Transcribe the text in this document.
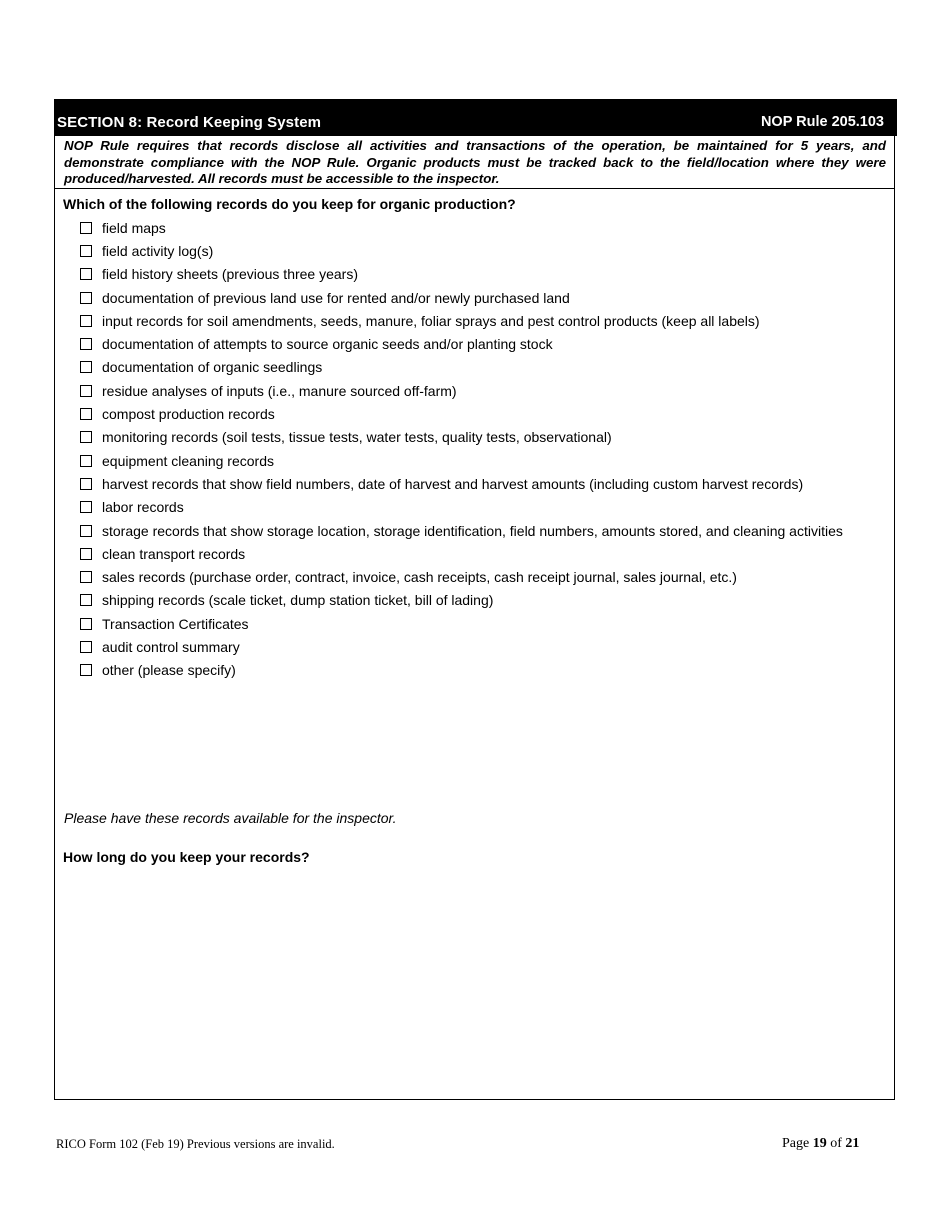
SECTION 8: Record Keeping System	NOP Rule 205.103
NOP Rule requires that records disclose all activities and transactions of the operation, be maintained for 5 years, and demonstrate compliance with the NOP Rule. Organic products must be tracked back to the field/location where they were produced/harvested. All records must be accessible to the inspector.
Which of the following records do you keep for organic production?
field maps
field activity log(s)
field history sheets (previous three years)
documentation of previous land use for rented and/or newly purchased land
input records for soil amendments, seeds, manure, foliar sprays and pest control products (keep all labels)
documentation of attempts to source organic seeds and/or planting stock
documentation of organic seedlings
residue analyses of inputs (i.e., manure sourced off-farm)
compost production records
monitoring records (soil tests, tissue tests, water tests, quality tests, observational)
equipment cleaning records
harvest records that show field numbers, date of harvest and harvest amounts (including custom harvest records)
labor records
storage records that show storage location, storage identification, field numbers, amounts stored, and cleaning activities
clean transport records
sales records (purchase order, contract, invoice, cash receipts, cash receipt journal, sales journal, etc.)
shipping records (scale ticket, dump station ticket, bill of lading)
Transaction Certificates
audit control summary
other (please specify)
Please have these records available for the inspector.
How long do you keep your records?
RICO Form 102 (Feb 19) Previous versions are invalid.	Page 19 of 21
